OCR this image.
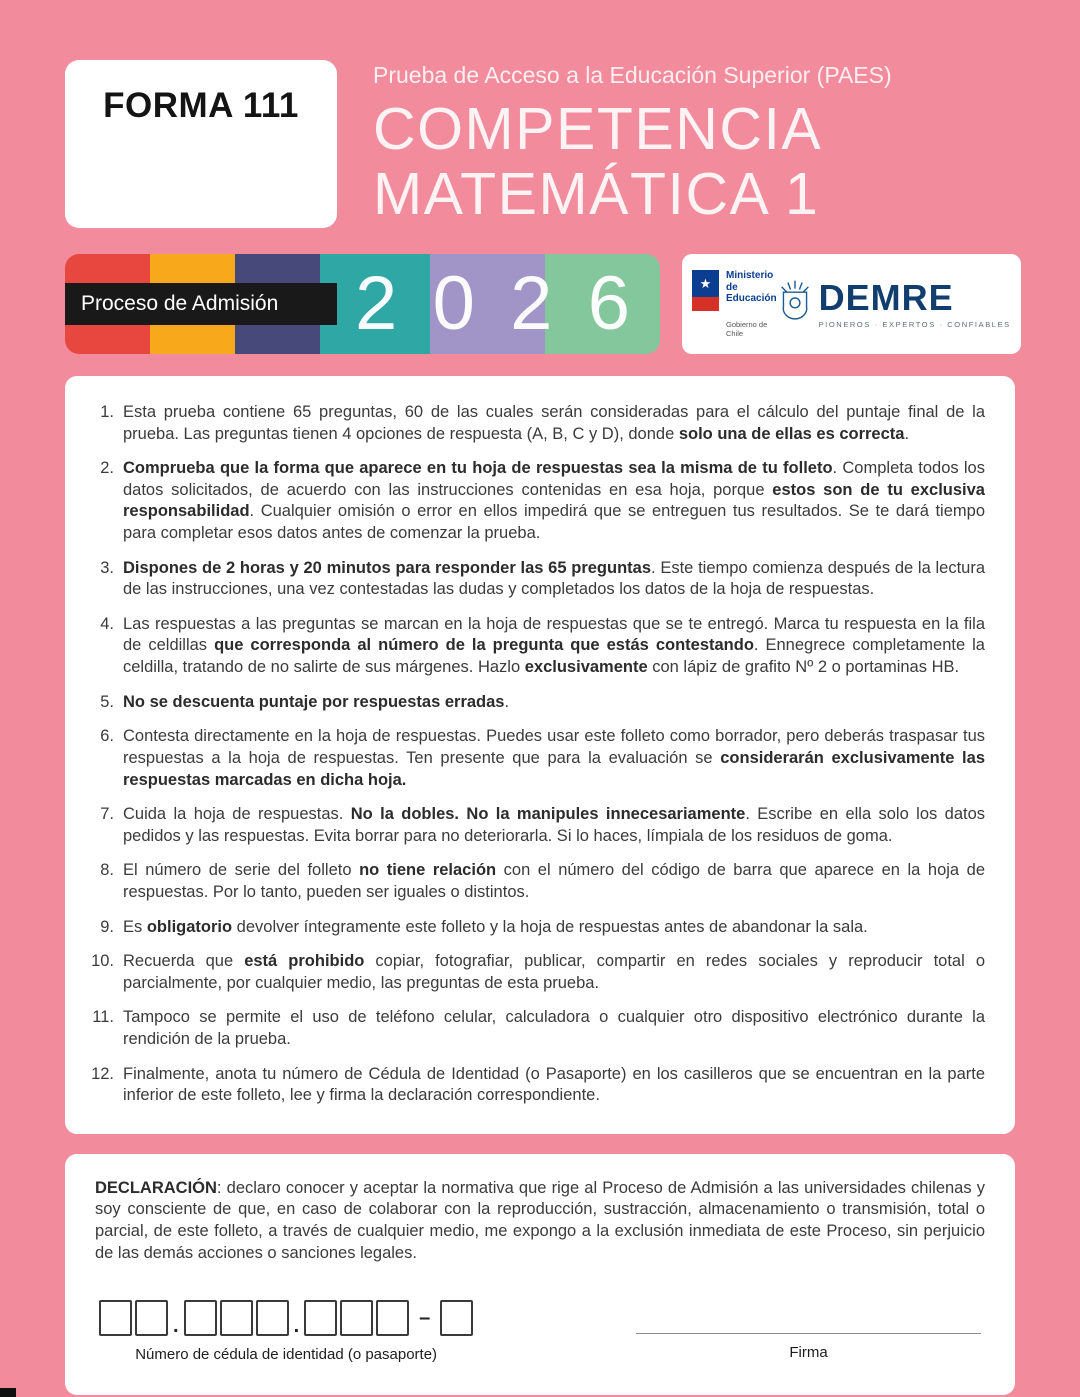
FORMA 111
Prueba de Acceso a la Educación Superior (PAES)
COMPETENCIA
MATEMÁTICA 1
Proceso de Admisión 2 0 2 6	★
Ministerio de
Educación
Gobierno de Chile
DEMRE
PIONEROS · EXPERTOS · CONFIABLES
1. Esta prueba contiene 65 preguntas, 60 de las cuales serán consideradas para el cálculo del puntaje final de la prueba. Las preguntas tienen 4 opciones de respuesta (A, B, C y D), donde solo una de ellas es correcta.
2. Comprueba que la forma que aparece en tu hoja de respuestas sea la misma de tu folleto. Completa todos los datos solicitados, de acuerdo con las instrucciones contenidas en esa hoja, porque estos son de tu exclusiva responsabilidad. Cualquier omisión o error en ellos impedirá que se entreguen tus resultados. Se te dará tiempo para completar esos datos antes de comenzar la prueba.
3. Dispones de 2 horas y 20 minutos para responder las 65 preguntas. Este tiempo comienza después de la lectura de las instrucciones, una vez contestadas las dudas y completados los datos de la hoja de respuestas.
4. Las respuestas a las preguntas se marcan en la hoja de respuestas que se te entregó. Marca tu respuesta en la fila de celdillas que corresponda al número de la pregunta que estás contestando. Ennegrece completamente la celdilla, tratando de no salirte de sus márgenes. Hazlo exclusivamente con lápiz de grafito Nº 2 o portaminas HB.
5. No se descuenta puntaje por respuestas erradas.
6. Contesta directamente en la hoja de respuestas. Puedes usar este folleto como borrador, pero deberás traspasar tus respuestas a la hoja de respuestas. Ten presente que para la evaluación se considerarán exclusivamente las respuestas marcadas en dicha hoja.
7. Cuida la hoja de respuestas. No la dobles. No la manipules innecesariamente. Escribe en ella solo los datos pedidos y las respuestas. Evita borrar para no deteriorarla. Si lo haces, límpiala de los residuos de goma.
8. El número de serie del folleto no tiene relación con el número del código de barra que aparece en la hoja de respuestas. Por lo tanto, pueden ser iguales o distintos.
9. Es obligatorio devolver íntegramente este folleto y la hoja de respuestas antes de abandonar la sala.
10. Recuerda que está prohibido copiar, fotografiar, publicar, compartir en redes sociales y reproducir total o parcialmente, por cualquier medio, las preguntas de esta prueba.
11. Tampoco se permite el uso de teléfono celular, calculadora o cualquier otro dispositivo electrónico durante la rendición de la prueba.
12. Finalmente, anota tu número de Cédula de Identidad (o Pasaporte) en los casilleros que se encuentran en la parte inferior de este folleto, lee y firma la declaración correspondiente.

DECLARACIÓN: declaro conocer y aceptar la normativa que rige al Proceso de Admisión a las universidades chilenas y soy consciente de que, en caso de colaborar con la reproducción, sustracción, almacenamiento o transmisión, total o parcial, de este folleto, a través de cualquier medio, me expongo a la exclusión inmediata de este Proceso, sin perjuicio de las demás acciones o sanciones legales.

.	.	–
Número de cédula de identidad (o pasaporte)	Firma
